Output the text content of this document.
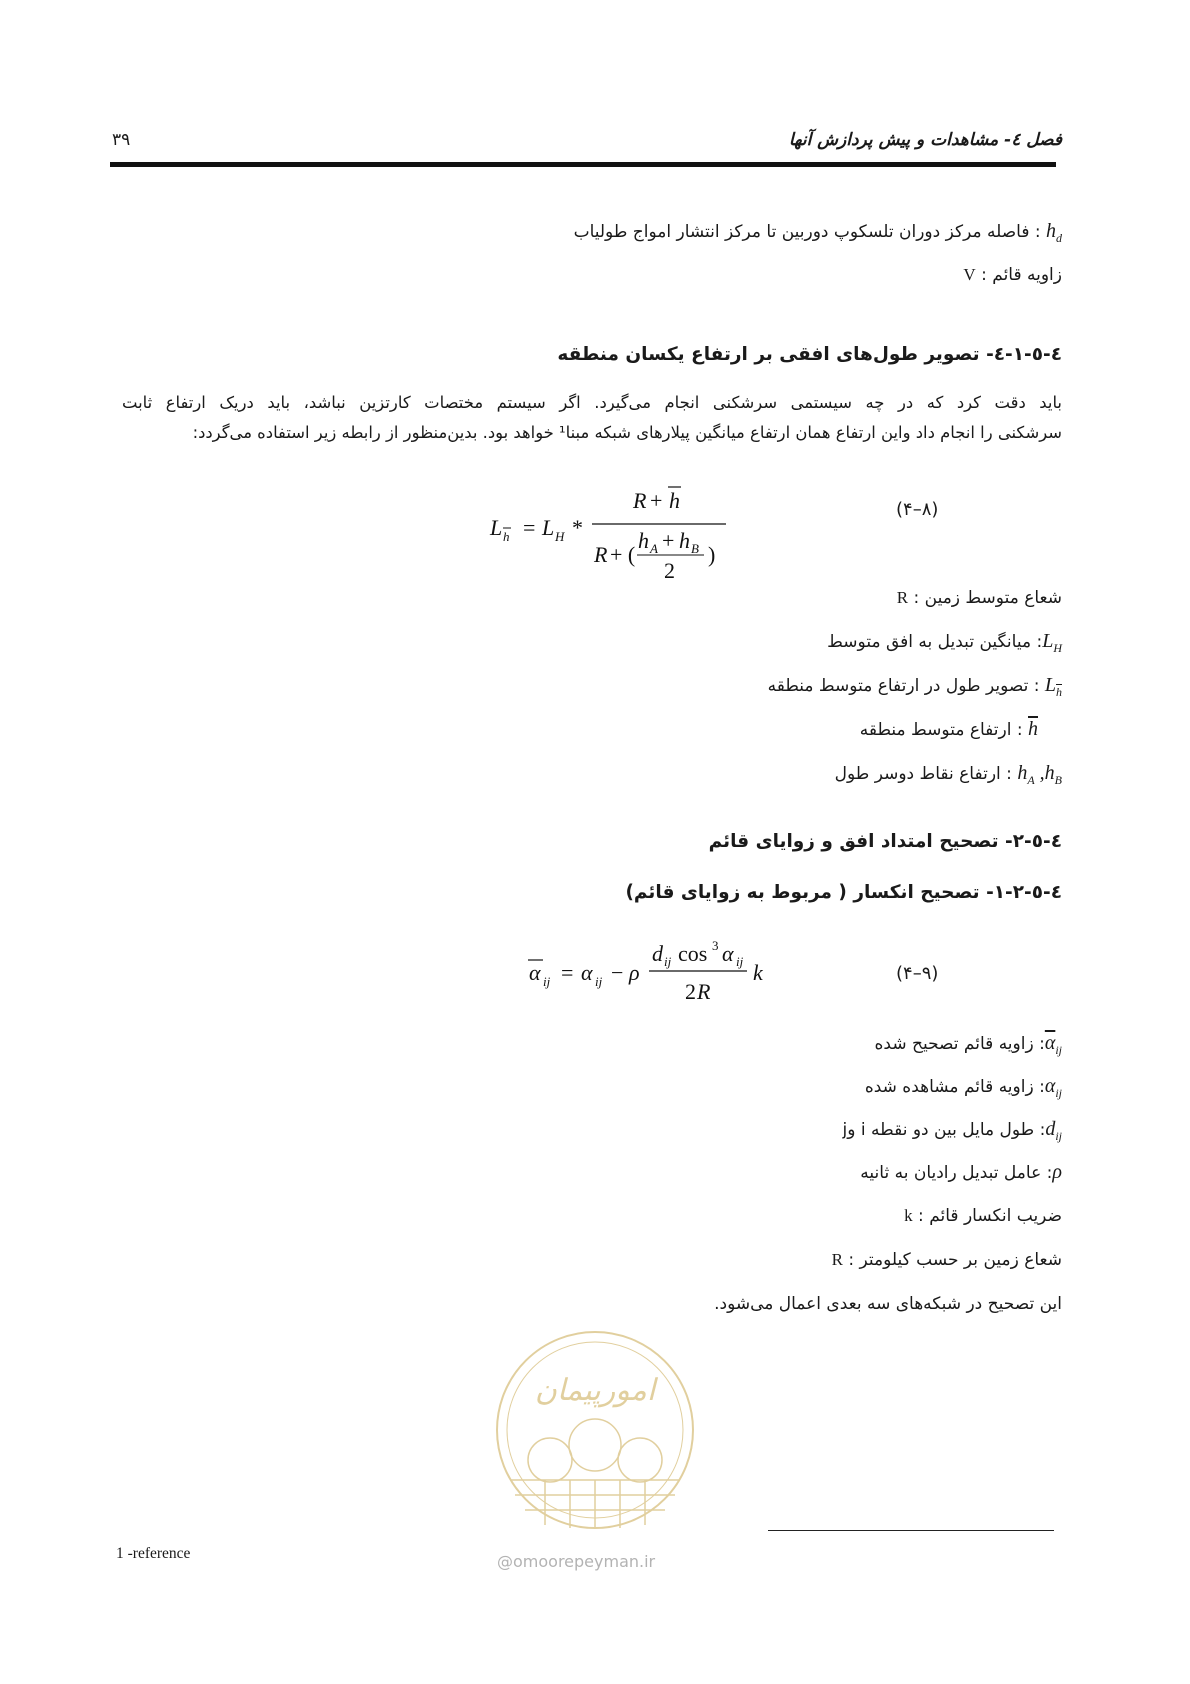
فصل ٤- مشاهدات و پیش پردازش آنها
۳۹
$h_d$ : فاصله مرکز دوران تلسکوپ دوربین تا مرکز انتشار امواج طولیاب
V : زاویه قائم
٤-٥-١-٤- تصویر طول‌های افقی بر ارتفاع یکسان منطقه
باید دقت کرد که در چه سیستمی سرشکنی انجام می‌گیرد. اگر سیستم مختصات کارتزین نباشد، باید دریک ارتفاع ثابت
سرشکنی را انجام داد واین ارتفاع همان ارتفاع میانگین پیلارهای شبکه مبنا¹ خواهد بود. بدین‌منظور از رابطه زیر استفاده می‌گردد:
L h = L H *
R + h
R + (
h A + h B
2
)
(۴–۸)
R : شعاع متوسط زمین
$L_H$: میانگین تبدیل به افق متوسط
$L_{\overline{h}}$ : تصویر طول در ارتفاع متوسط منطقه
$\overline{h}$ : ارتفاع متوسط منطقه
$h_A$ $,h_B$ : ارتفاع نقاط دوسر طول
٤-٥-٢- تصحیح امتداد افق و زوایای قائم
٤-٥-٢-١- تصحیح انکسار ( مربوط به زوایای قائم)
α ij = α ij − ρ
d ij cos 3 α ij
2 R
k	(۴–۹)
$\overline{\alpha}_{ij}$: زاویه قائم تصحیح شده
$\alpha_{ij}$: زاویه قائم مشاهده شده
$d_{ij}$: طول مایل بین دو نقطه i وj
ρ: عامل تبدیل رادیان به ثانیه
k : ضریب انکسار قائم
R : شعاع زمین بر حسب کیلومتر
این تصحیح در شبکه‌های سه بعدی اعمال می‌شود.
امورپیمان
1 -reference	@omoorepeyman.ir
